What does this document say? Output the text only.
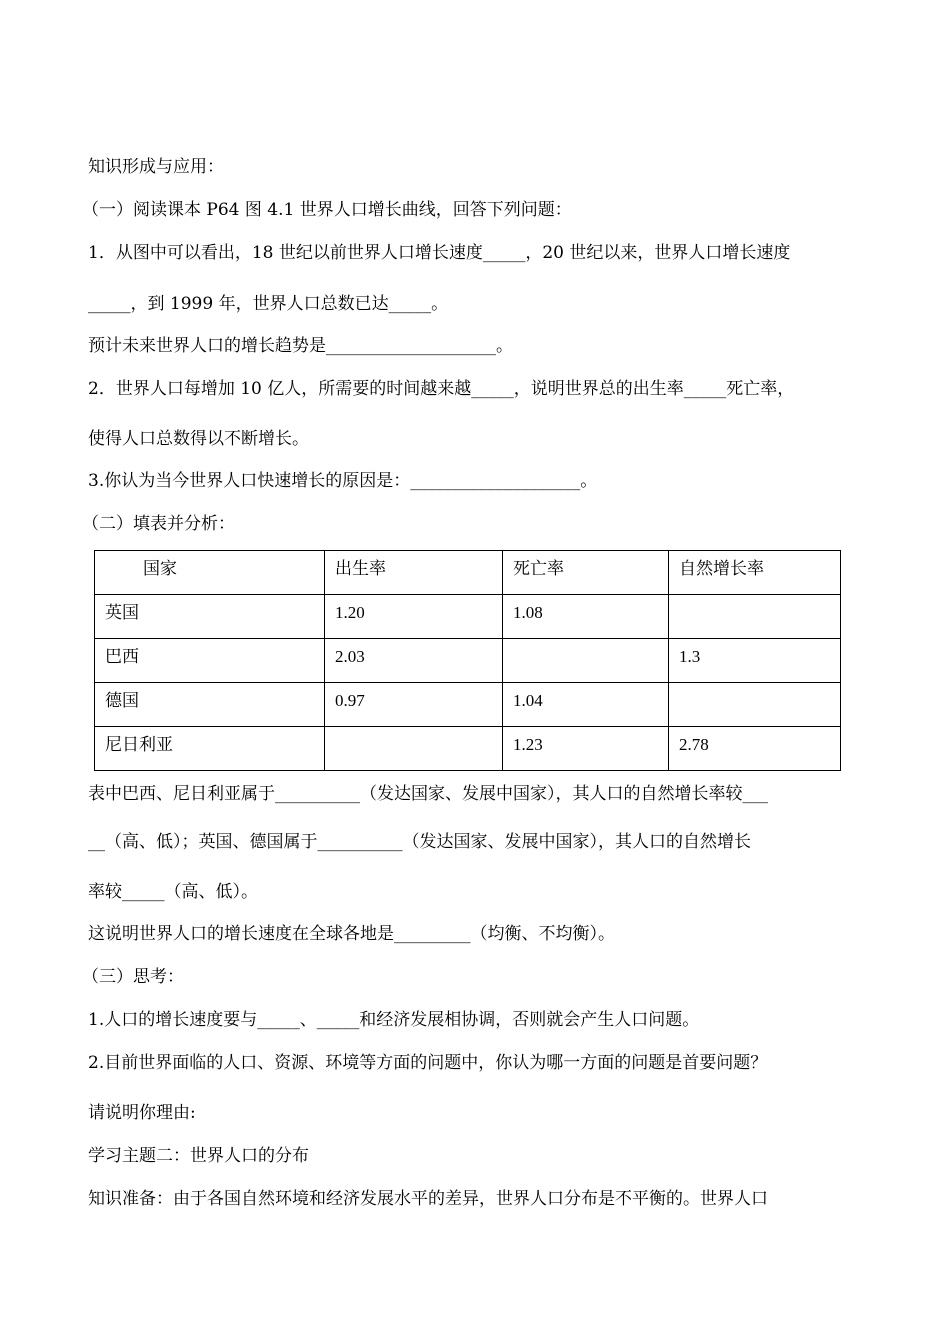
知识形成与应用：
（一）阅读课本 P64 图 4.1 世界人口增长曲线，回答下列问题：
1．从图中可以看出，18 世纪以前世界人口增长速度_____，20 世纪以来，世界人口增长速度
_____，到 1999 年，世界人口总数已达_____。
预计未来世界人口的增长趋势是____________________。
2．世界人口每增加 10 亿人，所需要的时间越来越_____，说明世界总的出生率_____死亡率，
使得人口总数得以不断增长。
3.你认为当今世界人口快速增长的原因是：____________________。
（二）填表并分析：
国家	出生率	死亡率	自然增长率

英国	1.20	1.08	

巴西	2.03		1.3

德国	0.97	1.04	

尼日利亚		1.23	2.78
表中巴西、尼日利亚属于__________（发达国家、发展中国家），其人口的自然增长率较___
__（高、低）；英国、德国属于__________（发达国家、发展中国家），其人口的自然增长
率较_____（高、低）。
这说明世界人口的增长速度在全球各地是_________（均衡、不均衡）。
（三）思考：
1.人口的增长速度要与_____、_____和经济发展相协调，否则就会产生人口问题。
2.目前世界面临的人口、资源、环境等方面的问题中，你认为哪一方面的问题是首要问题？
请说明你理由:
学习主题二：世界人口的分布
知识准备：由于各国自然环境和经济发展水平的差异，世界人口分布是不平衡的。世界人口
